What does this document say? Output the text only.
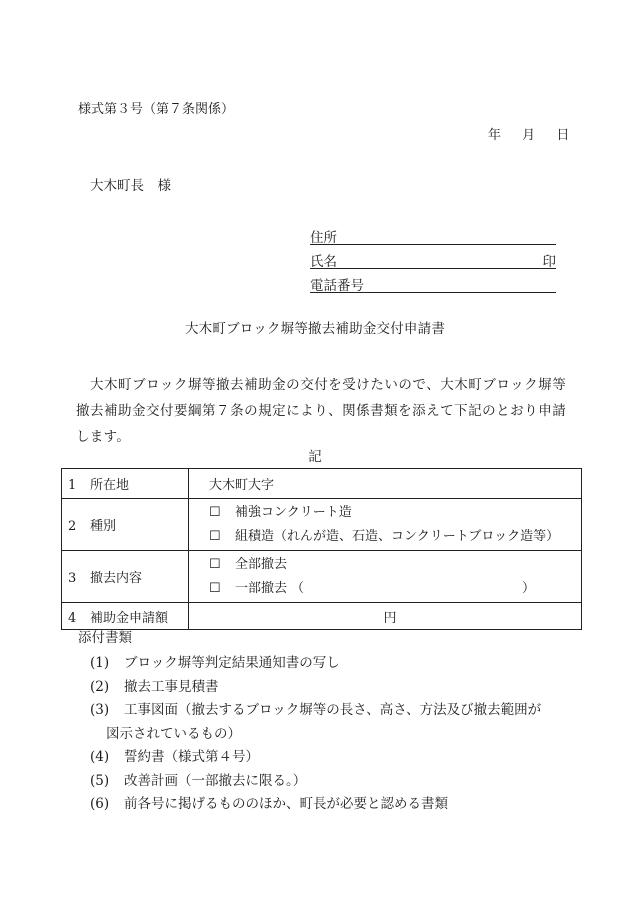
様式第３号（第７条関係）
年 月 日
大木町長　様
住所
氏名	印
電話番号
大木町ブロック塀等撤去補助金交付申請書
大木町ブロック塀等撤去補助金の交付を受けたいので、大木町ブロック塀等撤去補助金交付要綱第７条の規定により、関係書類を添えて下記のとおり申請します。
記
1 所在地	大木町大字
2 種別	☐ 補強コンクリート造
☐ 組積造（れんが造、石造、コンクリートブロック造等）

3 撤去内容	☐ 全部撤去
☐ 一部撤去 （ ）

4 補助金申請額	円
添付書類
(1) ブロック塀等判定結果通知書の写し
(2) 撤去工事見積書
(3) 工事図面（撤去するブロック塀等の長さ、高さ、方法及び撤去範囲が
図示されているもの）
(4) 誓約書（様式第４号）
(5) 改善計画（一部撤去に限る。）
(6) 前各号に掲げるもののほか、町長が必要と認める書類
